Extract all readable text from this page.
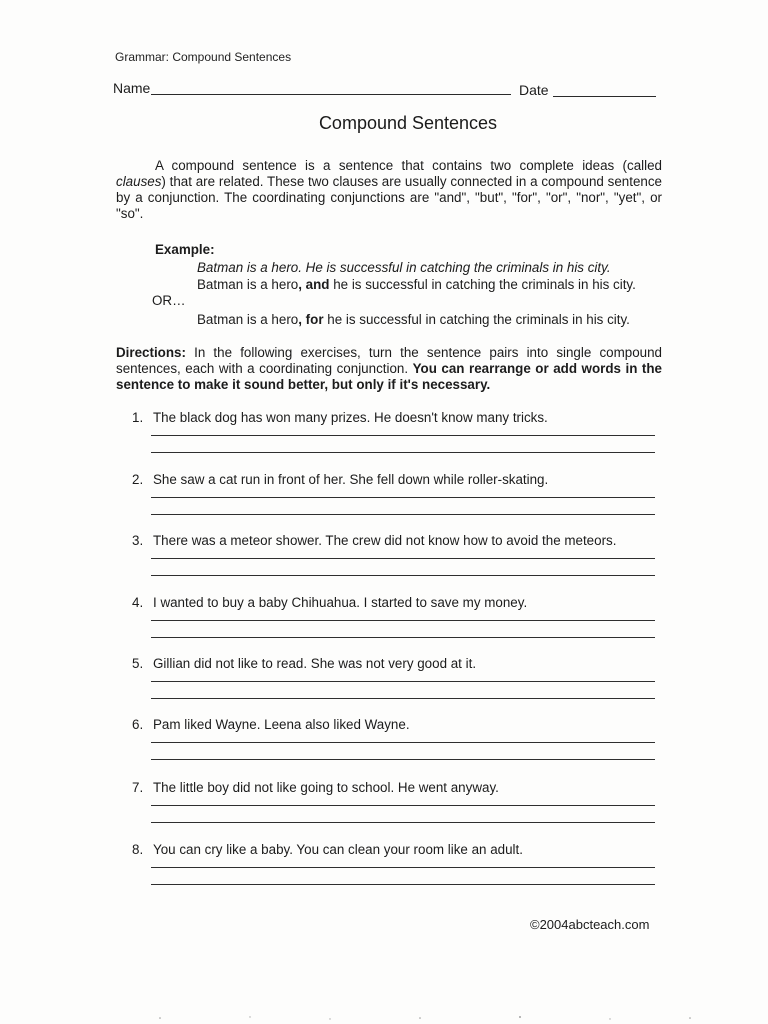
Grammar: Compound Sentences
Name	Date
Compound Sentences
A compound sentence is a sentence that contains two complete ideas (called clauses) that are related. These two clauses are usually connected in a compound sentence by a conjunction. The coordinating conjunctions are "and", "but", "for", "or", "nor", "yet", or "so".
Example:
Batman is a hero. He is successful in catching the criminals in his city.
Batman is a hero, and he is successful in catching the criminals in his city.
OR…
Batman is a hero, for he is successful in catching the criminals in his city.
Directions: In the following exercises, turn the sentence pairs into single compound sentences, each with a coordinating conjunction. You can rearrange or add words in the sentence to make it sound better, but only if it's necessary.
1. The black dog has won many prizes. He doesn't know many tricks.
2. She saw a cat run in front of her. She fell down while roller-skating.
3. There was a meteor shower. The crew did not know how to avoid the meteors.
4. I wanted to buy a baby Chihuahua. I started to save my money.
5. Gillian did not like to read. She was not very good at it.
6. Pam liked Wayne. Leena also liked Wayne.
7. The little boy did not like going to school. He went anyway.
8. You can cry like a baby. You can clean your room like an adult.
©2004abcteach.com
